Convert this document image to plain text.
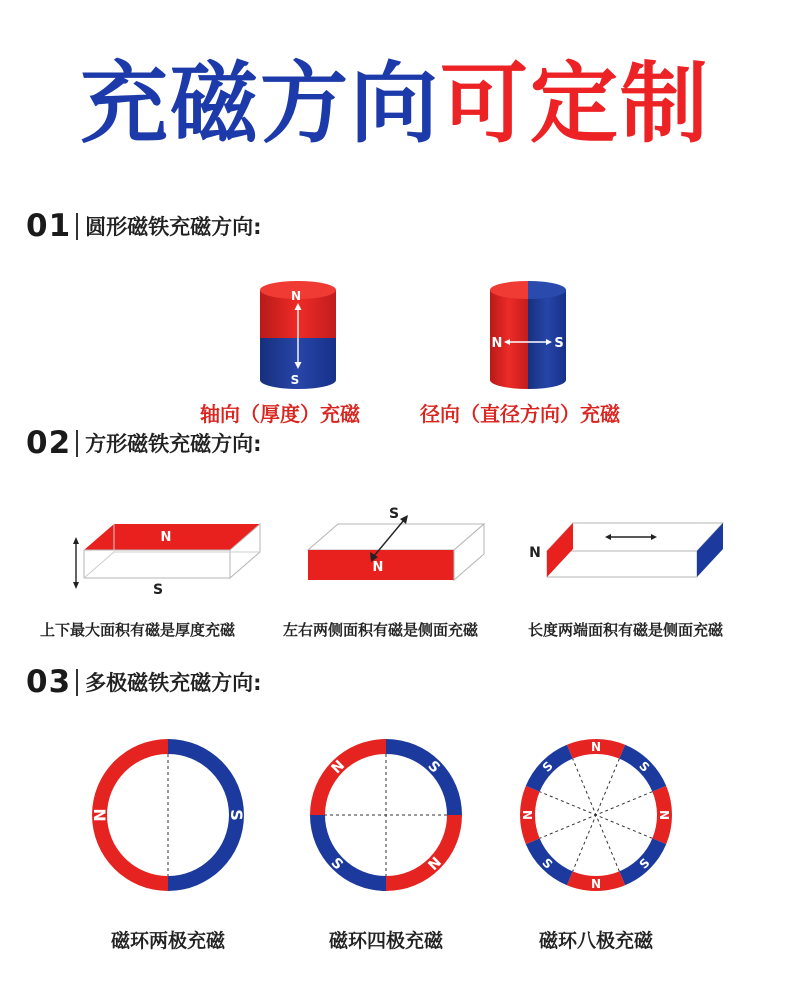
充磁方向可定制
01 圆形磁铁充磁方向:
N
S
N	S
轴向（厚度）充磁	径向（直径方向）充磁
02 方形磁铁充磁方向:
N
S
S
N
N
上下最大面积有磁是厚度充磁	左右两侧面积有磁是侧面充磁	长度两端面积有磁是侧面充磁
03 多极磁铁充磁方向:
N	S
N	S
S	N
N
S
N
S
N
S
N
S
磁环两极充磁	磁环四极充磁	磁环八极充磁
